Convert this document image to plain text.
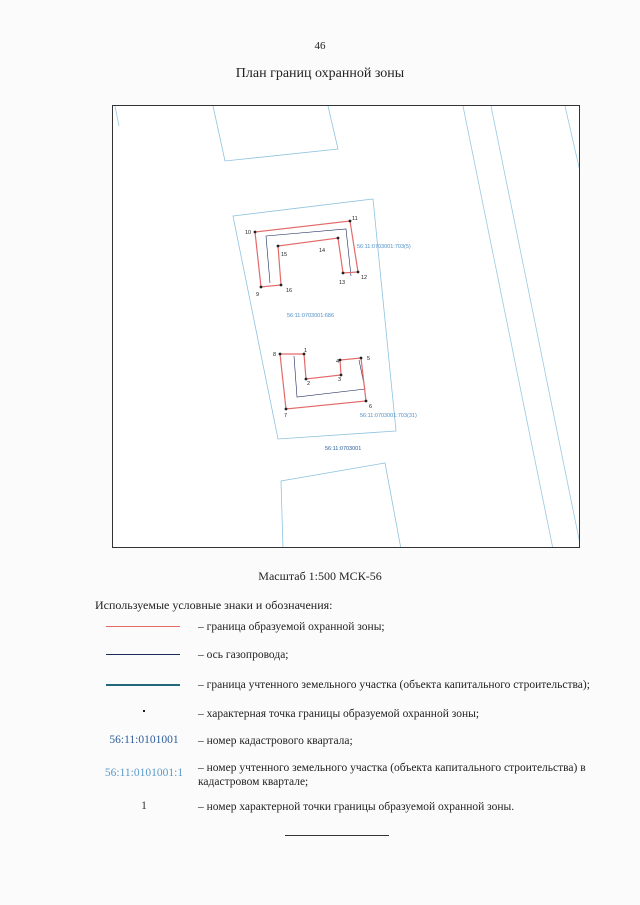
46
План границ охранной зоны
1
2
3
4	5
6
7
8
9
10
11
12
13
14
15
16
56:11:0703001:703(5)
56:11:0703001:686
56:11:0703001:703(31)
56:11:0703001
Масштаб 1:500 МСК-56
Используемые условные знаки и обозначения:
– граница образуемой охранной зоны;
– ось газопровода;
– граница учтенного земельного участка (объекта капитального строительства);
– характерная точка границы образуемой охранной зоны;
56:11:0101001	– номер кадастрового квартала;
56:11:0101001:1	– номер учтенного земельного участка (объекта капитального строительства) в кадастровом квартале;
1	– номер характерной точки границы образуемой охранной зоны.
